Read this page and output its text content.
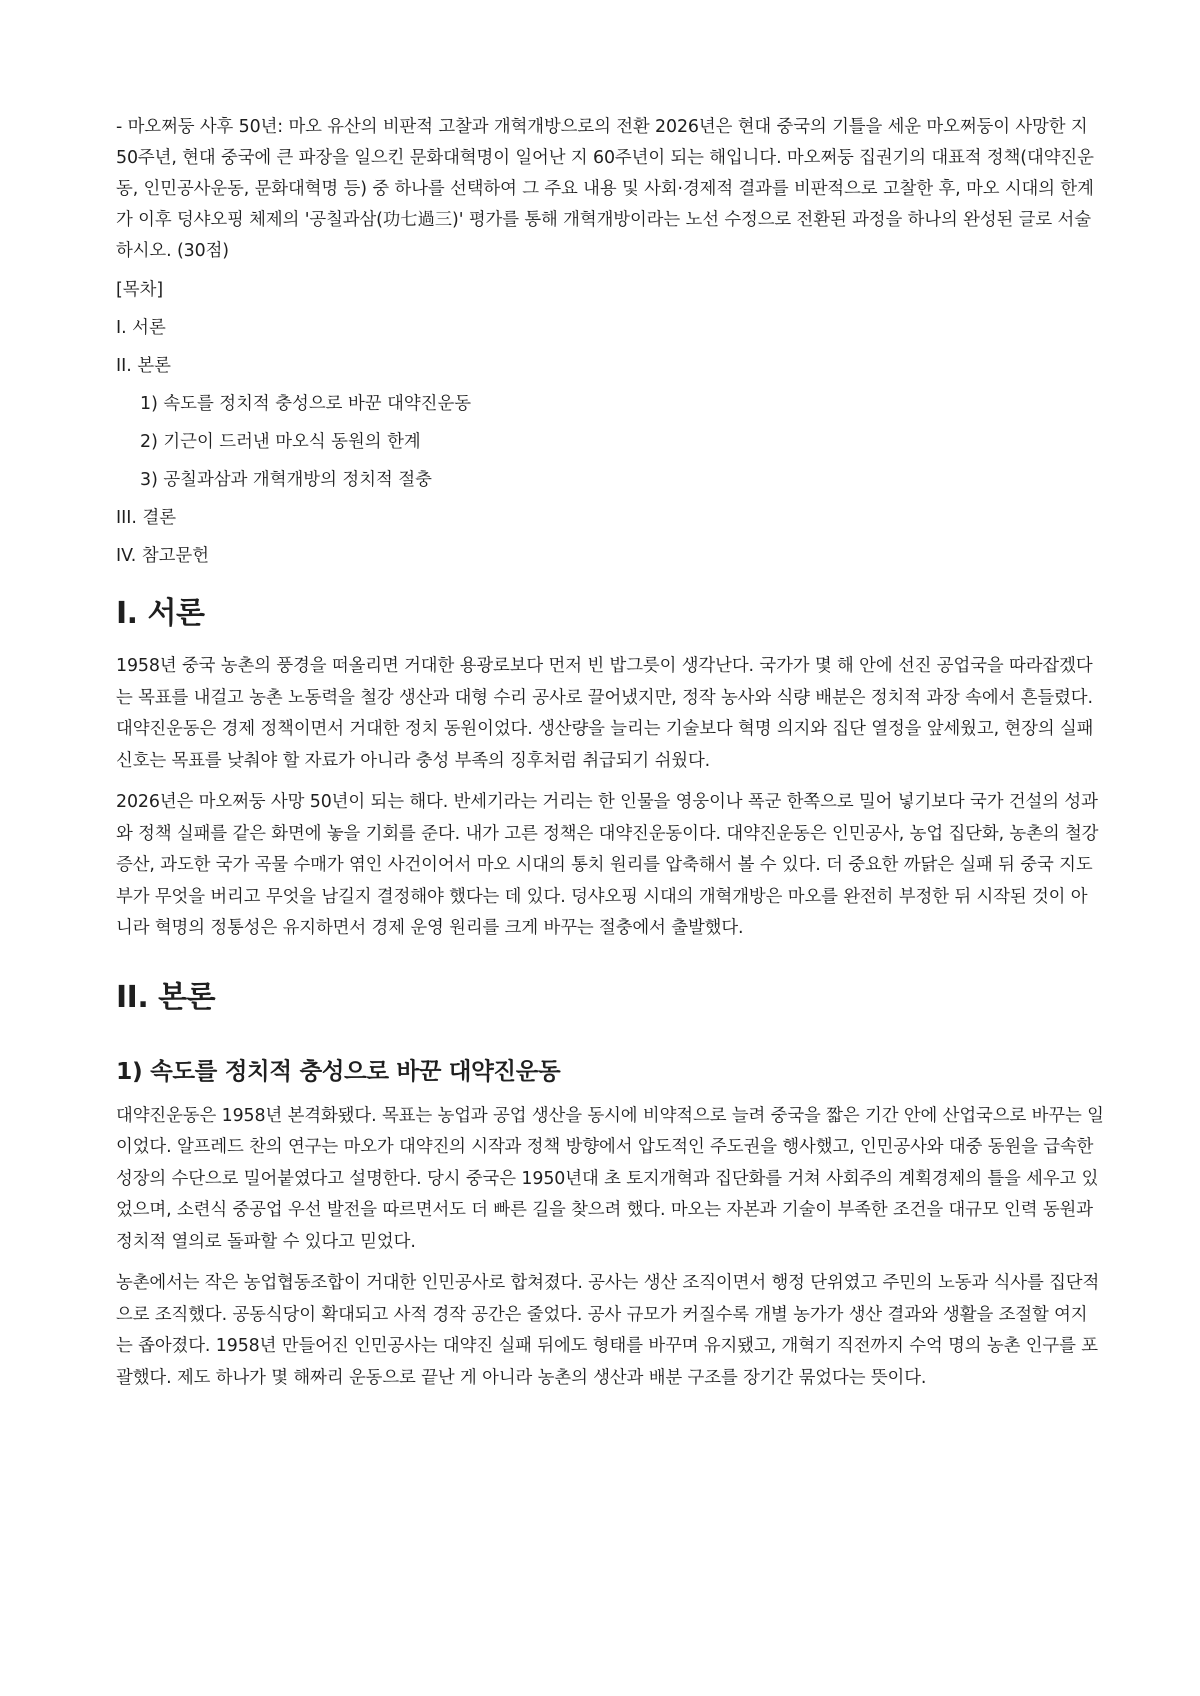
- 마오쩌둥 사후 50년: 마오 유산의 비판적 고찰과 개혁개방으로의 전환 2026년은 현대 중국의 기틀을 세운 마오쩌둥이 사망한 지 50주년, 현대 중국에 큰 파장을 일으킨 문화대혁명이 일어난 지 60주년이 되는 해입니다. 마오쩌둥 집권기의 대표적 정책(대약진운동, 인민공사운동, 문화대혁명 등) 중 하나를 선택하여 그 주요 내용 및 사회·경제적 결과를 비판적으로 고찰한 후, 마오 시대의 한계가 이후 덩샤오핑 체제의 '공칠과삼(功七過三)' 평가를 통해 개혁개방이라는 노선 수정으로 전환된 과정을 하나의 완성된 글로 서술하시오. (30점)

[목차]

I. 서론

II. 본론

1) 속도를 정치적 충성으로 바꾼 대약진운동

2) 기근이 드러낸 마오식 동원의 한계

3) 공칠과삼과 개혁개방의 정치적 절충

III. 결론

IV. 참고문헌

I. 서론

1958년 중국 농촌의 풍경을 떠올리면 거대한 용광로보다 먼저 빈 밥그릇이 생각난다. 국가가 몇 해 안에 선진 공업국을 따라잡겠다는 목표를 내걸고 농촌 노동력을 철강 생산과 대형 수리 공사로 끌어냈지만, 정작 농사와 식량 배분은 정치적 과장 속에서 흔들렸다. 대약진운동은 경제 정책이면서 거대한 정치 동원이었다. 생산량을 늘리는 기술보다 혁명 의지와 집단 열정을 앞세웠고, 현장의 실패 신호는 목표를 낮춰야 할 자료가 아니라 충성 부족의 징후처럼 취급되기 쉬웠다.

2026년은 마오쩌둥 사망 50년이 되는 해다. 반세기라는 거리는 한 인물을 영웅이나 폭군 한쪽으로 밀어 넣기보다 국가 건설의 성과와 정책 실패를 같은 화면에 놓을 기회를 준다. 내가 고른 정책은 대약진운동이다. 대약진운동은 인민공사, 농업 집단화, 농촌의 철강 증산, 과도한 국가 곡물 수매가 엮인 사건이어서 마오 시대의 통치 원리를 압축해서 볼 수 있다. 더 중요한 까닭은 실패 뒤 중국 지도부가 무엇을 버리고 무엇을 남길지 결정해야 했다는 데 있다. 덩샤오핑 시대의 개혁개방은 마오를 완전히 부정한 뒤 시작된 것이 아니라 혁명의 정통성은 유지하면서 경제 운영 원리를 크게 바꾸는 절충에서 출발했다.

II. 본론
1) 속도를 정치적 충성으로 바꾼 대약진운동

대약진운동은 1958년 본격화됐다. 목표는 농업과 공업 생산을 동시에 비약적으로 늘려 중국을 짧은 기간 안에 산업국으로 바꾸는 일이었다. 알프레드 찬의 연구는 마오가 대약진의 시작과 정책 방향에서 압도적인 주도권을 행사했고, 인민공사와 대중 동원을 급속한 성장의 수단으로 밀어붙였다고 설명한다. 당시 중국은 1950년대 초 토지개혁과 집단화를 거쳐 사회주의 계획경제의 틀을 세우고 있었으며, 소련식 중공업 우선 발전을 따르면서도 더 빠른 길을 찾으려 했다. 마오는 자본과 기술이 부족한 조건을 대규모 인력 동원과 정치적 열의로 돌파할 수 있다고 믿었다.

농촌에서는 작은 농업협동조합이 거대한 인민공사로 합쳐졌다. 공사는 생산 조직이면서 행정 단위였고 주민의 노동과 식사를 집단적으로 조직했다. 공동식당이 확대되고 사적 경작 공간은 줄었다. 공사 규모가 커질수록 개별 농가가 생산 결과와 생활을 조절할 여지는 좁아졌다. 1958년 만들어진 인민공사는 대약진 실패 뒤에도 형태를 바꾸며 유지됐고, 개혁기 직전까지 수억 명의 농촌 인구를 포괄했다. 제도 하나가 몇 해짜리 운동으로 끝난 게 아니라 농촌의 생산과 배분 구조를 장기간 묶었다는 뜻이다.
